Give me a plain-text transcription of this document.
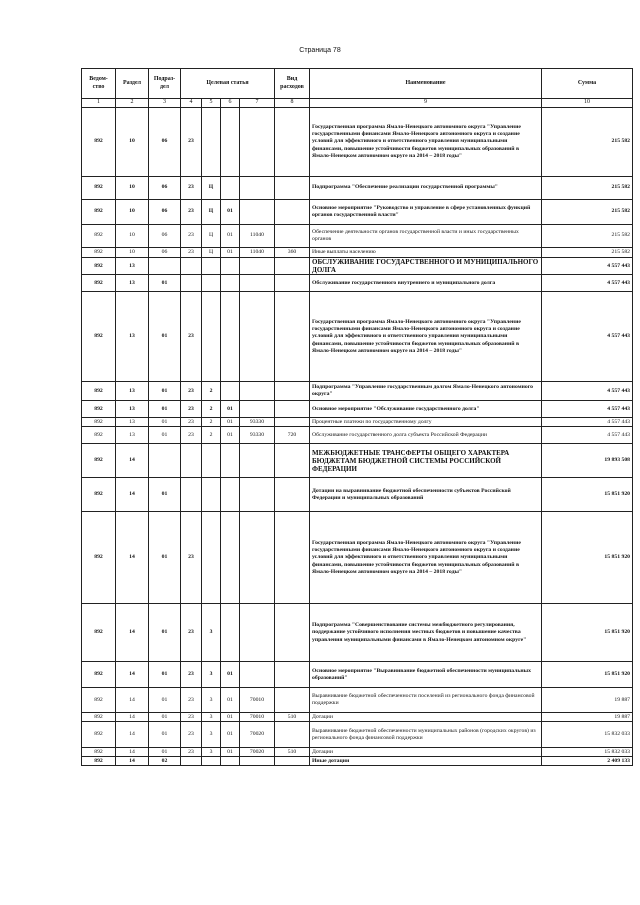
Страница 78
Ведом-ство	Раздел	Подраз-дел	Целевая статья				Вид расходов	Наименование	Сумма
1	2	3	4	5	6	7	8	9	10
892	10	06	23					Государственная программа Ямало-Ненецкого автономного округа "Управление государственными финансами Ямало-Ненецкого автономного округа и создание условий для эффективного и ответственного управления муниципальными финансами, повышение устойчивости бюджетов муниципальных образований в Ямало-Ненецком автономном округе на 2014 – 2018 годы"	215 582
892	10	06	23	Ц				Подпрограмма "Обеспечение реализации государственной программы"	215 582
892	10	06	23	Ц	01			Основное мероприятие "Руководство и управление в сфере установленных функций органов государственной власти"	215 582
892	10	06	23	Ц	01	11040		Обеспечение деятельности органов государственной власти и иных государственных органов	215 582
892	10	06	23	Ц	01	11040	360	Иные выплаты населению	215 582
892	13							ОБСЛУЖИВАНИЕ ГОСУДАРСТВЕННОГО И МУНИЦИПАЛЬНОГО ДОЛГА	4 557 443
892	13	01						Обслуживание государственного внутреннего и муниципального долга	4 557 443
892	13	01	23					Государственная программа Ямало-Ненецкого автономного округа "Управление государственными финансами Ямало-Ненецкого автономного округа и создание условий для эффективного и ответственного управления муниципальными финансами, повышение устойчивости бюджетов муниципальных образований в Ямало-Ненецком автономном округе на 2014 – 2018 годы"	4 557 443
892	13	01	23	2				Подпрограмма "Управление государственным долгом Ямало-Ненецкого автономного округа"	4 557 443
892	13	01	23	2	01			Основное мероприятие "Обслуживание государственного долга"	4 557 443
892	13	01	23	2	01	93330		Процентные платежи по государственному долгу	4 557 443
892	13	01	23	2	01	93330	720	Обслуживание государственного долга субъекта Российской Федерации	4 557 443
892	14							МЕЖБЮДЖЕТНЫЕ ТРАНСФЕРТЫ ОБЩЕГО ХАРАКТЕРА БЮДЖЕТАМ БЮДЖЕТНОЙ СИСТЕМЫ РОССИЙСКОЙ ФЕДЕРАЦИИ	19 893 508
892	14	01						Дотации на выравнивание бюджетной обеспеченности субъектов Российской Федерации и муниципальных образований	15 851 920
892	14	01	23					Государственная программа Ямало-Ненецкого автономного округа "Управление государственными финансами Ямало-Ненецкого автономного округа и создание условий для эффективного и ответственного управления муниципальными финансами, повышение устойчивости бюджетов муниципальных образований в Ямало-Ненецком автономном округе на 2014 – 2018 годы"	15 851 920
892	14	01	23	3				Подпрограмма "Совершенствование системы межбюджетного регулирования, поддержание устойчивого исполнения местных бюджетов и повышение качества управления муниципальными финансами в Ямало-Ненецком автономном округе"	15 851 920
892	14	01	23	3	01			Основное мероприятие "Выравнивание бюджетной обеспеченности муниципальных образований"	15 851 920
892	14	01	23	3	01	70010		Выравнивание бюджетной обеспеченности поселений из регионального фонда финансовой поддержки	19 887
892	14	01	23	3	01	70010	510	Дотации	19 887
892	14	01	23	3	01	70020		Выравнивание бюджетной обеспеченности муниципальных районов (городских округов) из регионального фонда финансовой поддержки	15 832 033
892	14	01	23	3	01	70020	510	Дотации	15 832 033
892	14	02						Иные дотации	2 409 133
